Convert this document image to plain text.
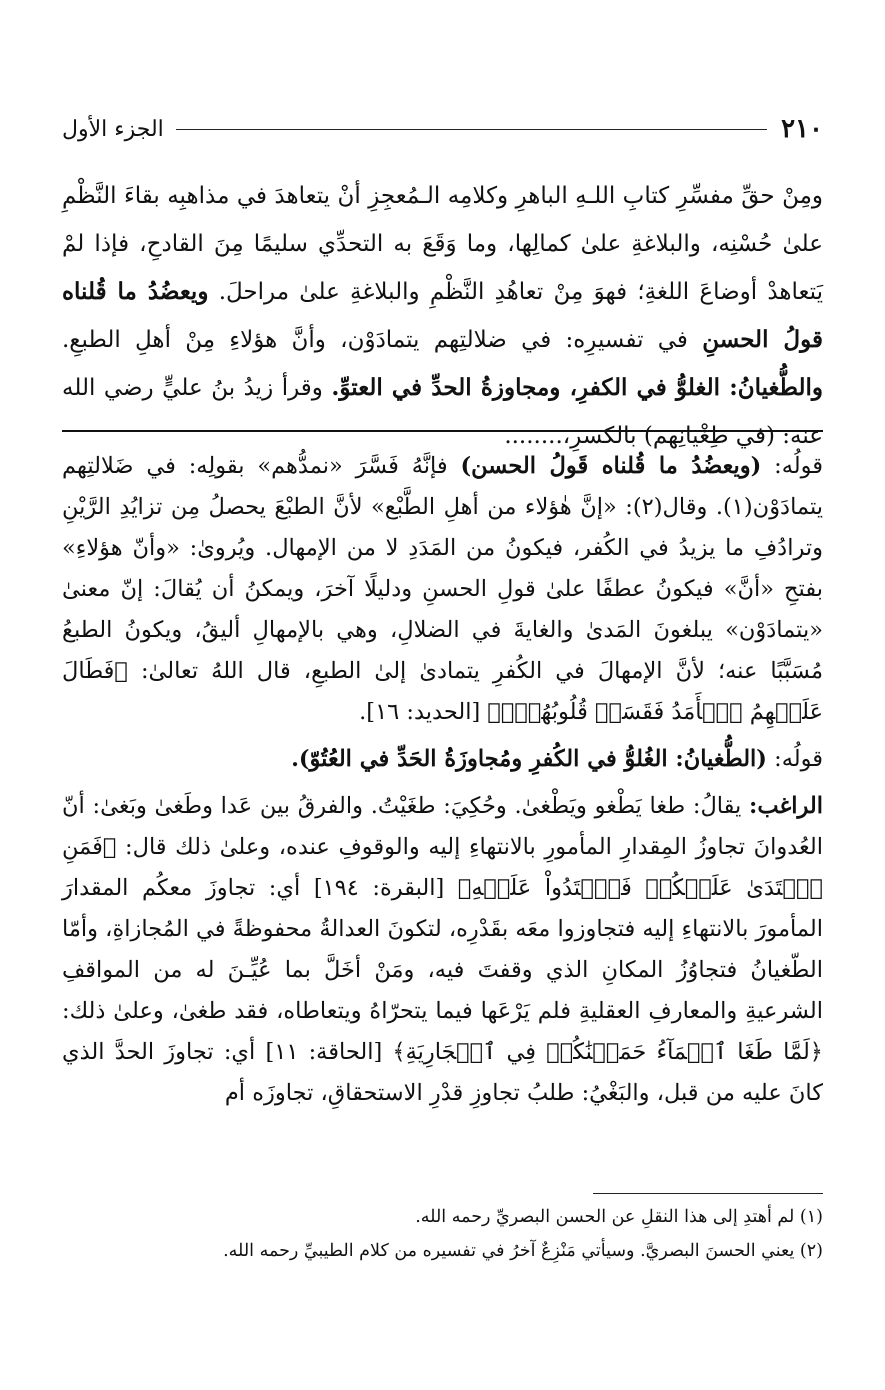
٢١٠
الجزء الأول

ومِنْ حقِّ مفسِّرِ كتابِ اللـهِ الباهرِ وكلامِه الـمُعجِزِ أنْ يتعاهدَ في مذاهبِه بقاءَ النَّظْمِ علىٰ حُسْنِه، والبلاغةِ علىٰ كمالِها، وما وَقَعَ به التحدِّي سليمًا مِنَ القادحِ، فإذا لمْ يَتعاهدْ أوضاعَ اللغةِ؛ فهوَ مِنْ تعاهُدِ النَّظْمِ والبلاغةِ علىٰ مراحلَ. ويعضُدُ ما قُلناه قولُ الحسنِ في تفسيرِه: في ضلالتِهم يتمادَوْن، وأنَّ هؤلاءِ مِنْ أهلِ الطبعِ. والطُّغيانُ: الغلوُّ في الكفرِ، ومجاوزةُ الحدِّ في العتوِّ. وقرأ زيدُ بنُ عليٍّ رضي الله عنه: (في طِغْيانِهم) بالكسرِ،........

قولُه: (ويعضُدُ ما قُلناه قَولُ الحسن) فإنَّهُ فَسَّرَ «نمدُّهم» بقولِه: في ضَلالتِهم يتمادَوْن(١). وقال(٢): «إنَّ هٰؤلاء من أهلِ الطَّبْع» لأنَّ الطبْعَ يحصلُ مِن تزايُدِ الرَّيْنِ وترادُفِ ما يزيدُ في الكُفر، فيكونُ من المَدَدِ لا من الإمهال. ويُروىٰ: «وأنّ هؤلاءِ» بفتحِ «أنَّ» فيكونُ عطفًا علىٰ قولِ الحسنِ ودليلًا آخرَ، ويمكنُ أن يُقالَ: إنّ معنىٰ «يتمادَوْن» يبلغونَ المَدىٰ والغايةَ في الضلالِ، وهي بالإمهالِ أليقُ، ويكونُ الطبعُ مُسَبَّبًا عنه؛ لأنَّ الإمهالَ في الكُفرِ يتمادىٰ إلىٰ الطبعِ، قال اللهُ تعالىٰ: ﴿فَطَالَ عَلَيۡهِمُ ٱلۡأَمَدُ فَقَسَتۡ قُلُوبُهُمۡۖ﴾ [الحديد: ١٦].

قولُه: (الطُّغيانُ: الغُلوُّ في الكُفرِ ومُجاوزَةُ الحَدِّ في العُتُوّ).

الراغب: يقالُ: طغا يَطْغو ويَطْغىٰ. وحُكِيَ: طغَيْتُ. والفرقُ بين عَدا وطَغىٰ وبَغىٰ: أنّ العُدوانَ تجاوزُ المِقدارِ المأمورِ بالانتهاءِ إليه والوقوفِ عنده، وعلىٰ ذلك قال: ﴿فَمَنِ ٱعۡتَدَىٰ عَلَيۡكُمۡ فَٱعۡتَدُواْ عَلَيۡهِ﴾ [البقرة: ١٩٤] أي: تجاوزَ معكُم المقدارَ المأمورَ بالانتهاءِ إليه فتجاوزوا معَه بقَدْرِه، لتكونَ العدالةُ محفوظةً في المُجازاةِ، وأمّا الطّغيانُ فتجاوُزُ المكانِ الذي وقفتَ فيه، ومَنْ أخَلَّ بما عُيِّـنَ له من المواقفِ الشرعيةِ والمعارفِ العقليةِ فلم يَرْعَها فيما يتحرّاهُ ويتعاطاه، فقد طغىٰ، وعلىٰ ذلك: ﴿لَمَّا طَغَا ٱلۡمَآءُ حَمَلۡنَٰكُمۡ فِي ٱلۡجَارِيَةِ﴾ [الحاقة: ١١] أي: تجاوزَ الحدَّ الذي كانَ عليه من قبل، والبَغْيُ: طلبُ تجاوزِ قدْرِ الاستحقاقِ، تجاوزَه أم

(١) لم أهتدِ إلى هذا النقلِ عن الحسن البصريِّ رحمه الله.

(٢) يعني الحسنَ البصريَّ. وسيأتي مَنْزِعٌ آخرُ في تفسيره من كلام الطيبيِّ رحمه الله.
